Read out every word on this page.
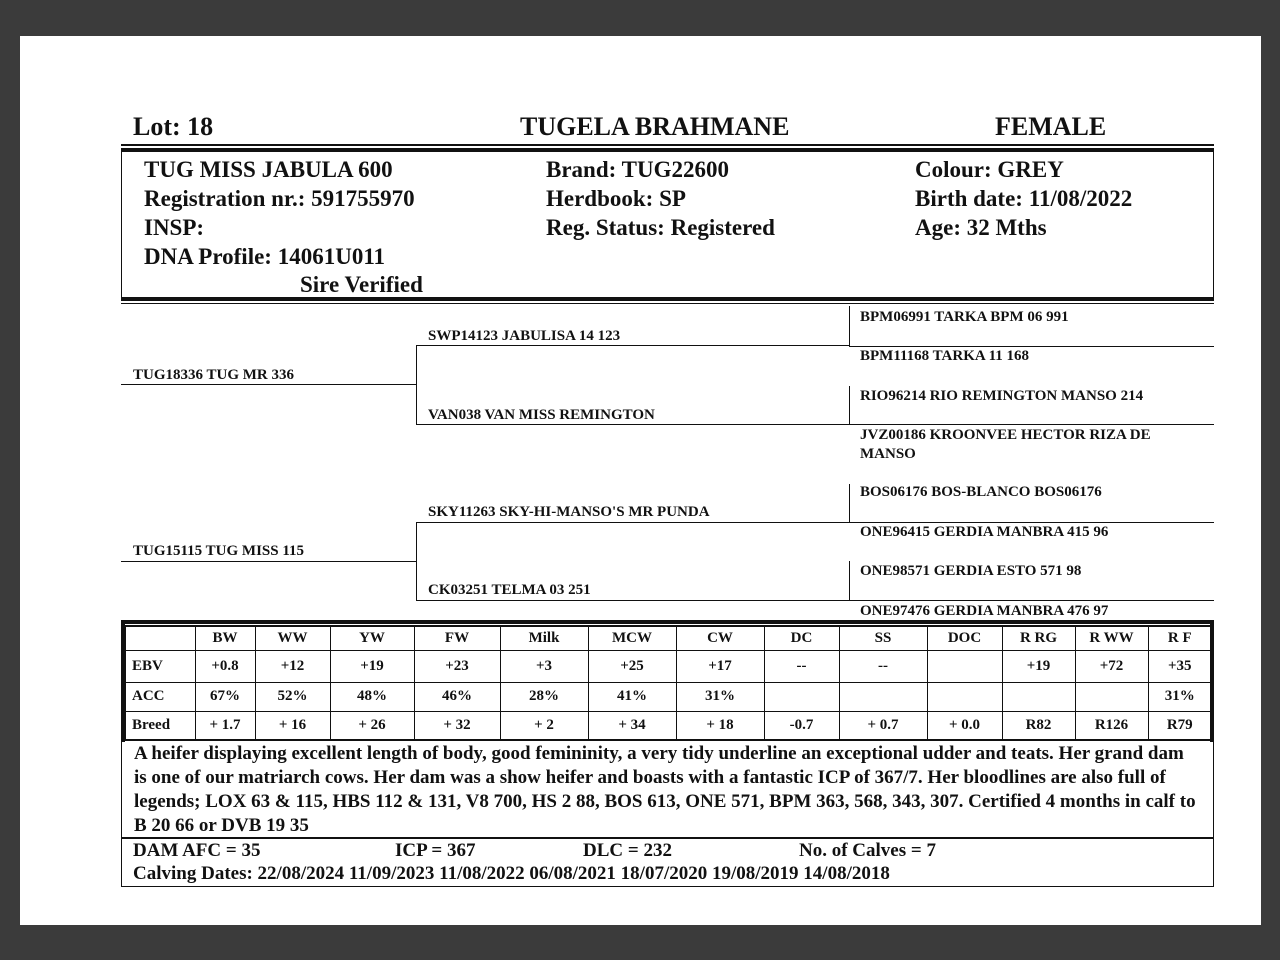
Lot: 18	TUGELA BRAHMANE	FEMALE
TUG MISS JABULA 600
Registration nr.: 591755970
INSP:
DNA Profile: 14061U011
Sire Verified
Brand: TUG22600
Herdbook: SP
Reg. Status: Registered
Colour: GREY
Birth date: 11/08/2022
Age: 32 Mths
TUG18336 TUG MR 336
TUG15115 TUG MISS 115
SWP14123 JABULISA 14 123
VAN038 VAN MISS REMINGTON
SKY11263 SKY-HI-MANSO'S MR PUNDA
CK03251 TELMA 03 251
BPM06991 TARKA BPM 06 991
BPM11168 TARKA 11 168
RIO96214 RIO REMINGTON MANSO 214
JVZ00186 KROONVEE HECTOR RIZA DE
MANSO
BOS06176 BOS-BLANCO BOS06176
ONE96415 GERDIA MANBRA 415 96
ONE98571 GERDIA ESTO 571 98
ONE97476 GERDIA MANBRA 476 97
	BW	WW	YW	FW	Milk	MCW	CW	DC	SS	DOC	R RG	R WW	R F
EBV	+0.8	+12	+19	+23	+3	+25	+17	--	--		+19	+72	+35
ACC	67%	52%	48%	46%	28%	41%	31%						31%
Breed	+ 1.7	+ 16	+ 26	+ 32	+ 2	+ 34	+ 18	-0.7	+ 0.7	+ 0.0	R82	R126	R79
A heifer displaying excellent length of body, good femininity, a very tidy underline an exceptional udder and teats. Her grand dam is one of our matriarch cows. Her dam was a show heifer and boasts with a fantastic ICP of 367/7. Her bloodlines are also full of legends; LOX 63 & 115, HBS 112 & 131, V8 700, HS 2 88, BOS 613, ONE 571, BPM 363, 568, 343, 307. Certified 4 months in calf to B 20 66 or DVB 19 35
DAM AFC = 35	ICP = 367	DLC = 232	No. of Calves = 7
Calving Dates: 22/08/2024 11/09/2023 11/08/2022 06/08/2021 18/07/2020 19/08/2019 14/08/2018
